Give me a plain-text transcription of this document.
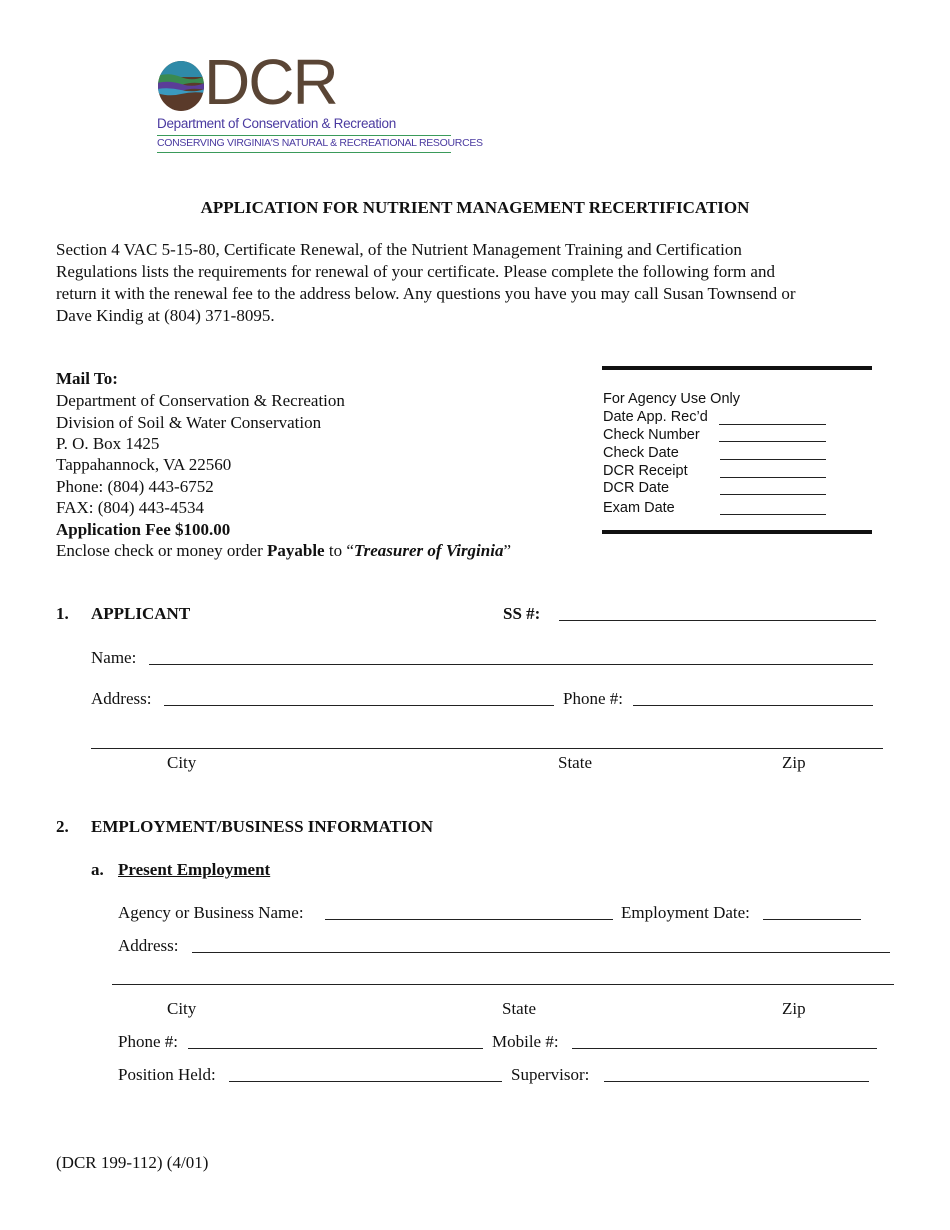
DCR
Department of Conservation & Recreation
CONSERVING VIRGINIA'S NATURAL & RECREATIONAL RESOURCES
APPLICATION FOR NUTRIENT MANAGEMENT RECERTIFICATION
Section 4 VAC 5-15-80, Certificate Renewal, of the Nutrient Management Training and Certification
Regulations lists the requirements for renewal of your certificate. Please complete the following form and
return it with the renewal fee to the address below. Any questions you have you may call Susan Townsend or
Dave Kindig at (804) 371-8095.
Mail To:
Department of Conservation & Recreation
Division of Soil & Water Conservation
P. O. Box 1425
Tappahannock, VA 22560
Phone: (804) 443-6752
FAX: (804) 443-4534
Application Fee $100.00
Enclose check or money order Payable to “Treasurer of Virginia”
For Agency Use Only
Date App. Rec’d
Check Number
Check Date
DCR Receipt
DCR Date
Exam Date
1. APPLICANT	SS #:
Name:
Address:	Phone #:
City	State	Zip
2. EMPLOYMENT/BUSINESS INFORMATION
a. Present Employment
Agency or Business Name:	Employment Date:
Address:
City	State	Zip
Phone #:	Mobile #:
Position Held:	Supervisor:
(DCR 199-112) (4/01)
